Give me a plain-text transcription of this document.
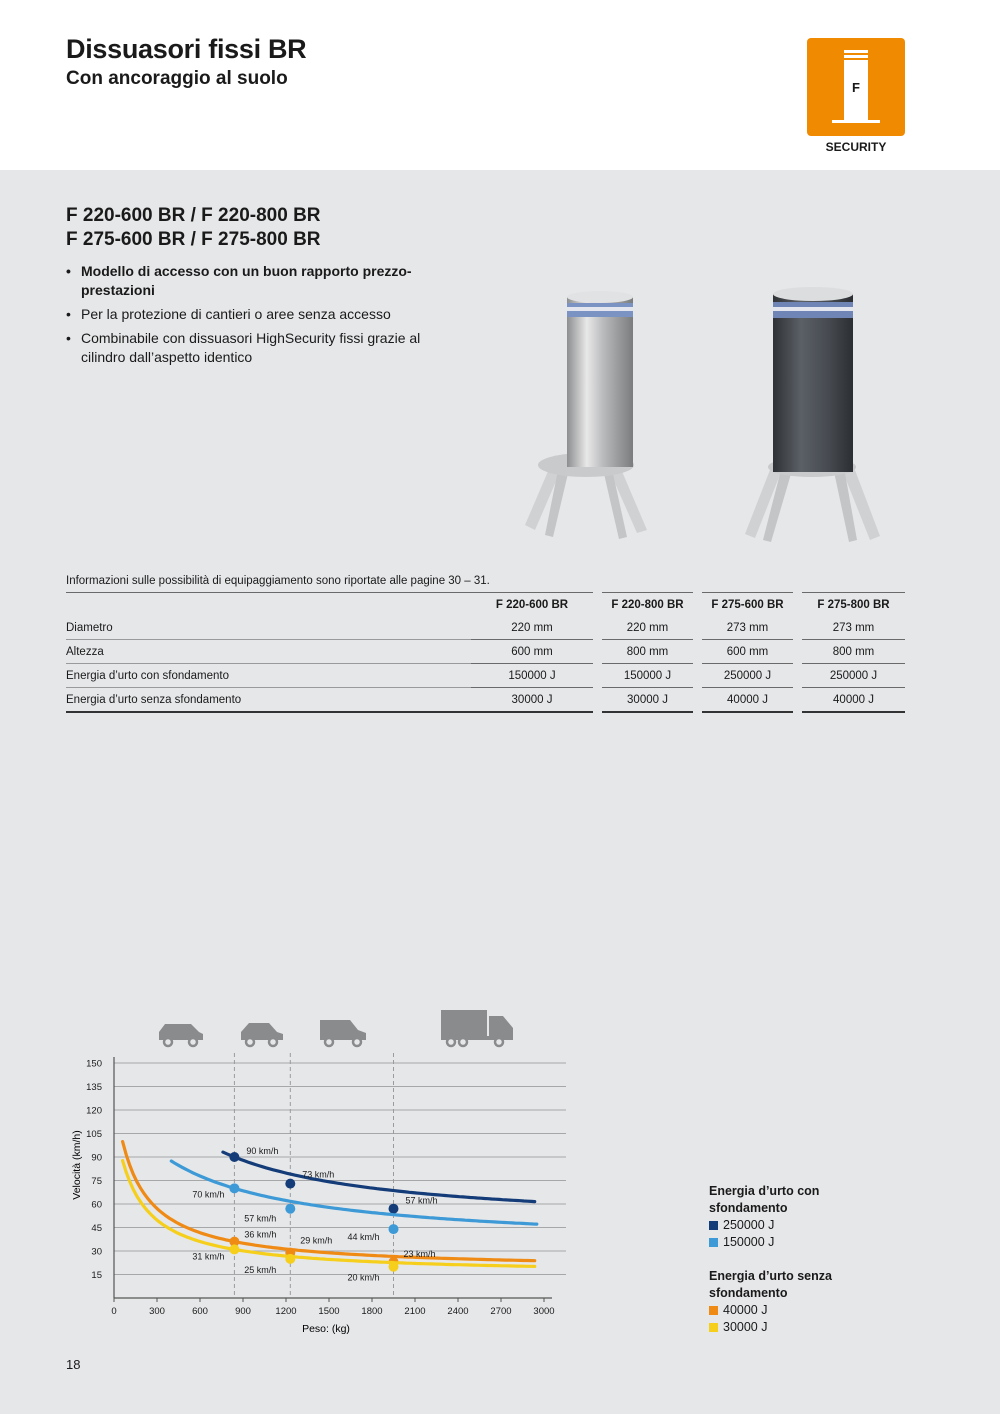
Dissuasori fissi BR
Con ancoraggio al suolo	F
SECURITY
F 220-600 BR / F 220-800 BR
F 275-600 BR / F 275-800 BR
• Modello di accesso con un buon rapporto prezzo-prestazioni
• Per la protezione di cantieri o aree senza accesso
• Combinabile con dissuasori HighSecurity fissi grazie al cilindro dall’aspetto identico
Informazioni sulle possibilità di equipaggiamento sono riportate alle pagine 30 – 31.
	F 220-600 BR		F 220-800 BR		F 275-600 BR		F 275-800 BR
Diametro	220 mm		220 mm		273 mm		273 mm
Altezza	600 mm		800 mm		600 mm		800 mm
Energia d’urto con sfondamento	150000 J		150000 J		250000 J		250000 J
Energia d’urto senza sfondamento	30000 J		30000 J		40000 J		40000 J
15
30
45
60
75
90
105
120
135
150
0	300	600	900	1200 1500 1800 2100 2400 2700 3000
90 km/h
73 km/h
57 km/h
70 km/h
57 km/h
44 km/h
36 km/h
29 km/h
23 km/h
31 km/h
25 km/h
20 km/h
Peso: (kg)
Velocità (km/h)	Energia d’urto con sfondamento
250000 J
150000 J
Energia d’urto senza sfondamento
40000 J
30000 J
18
